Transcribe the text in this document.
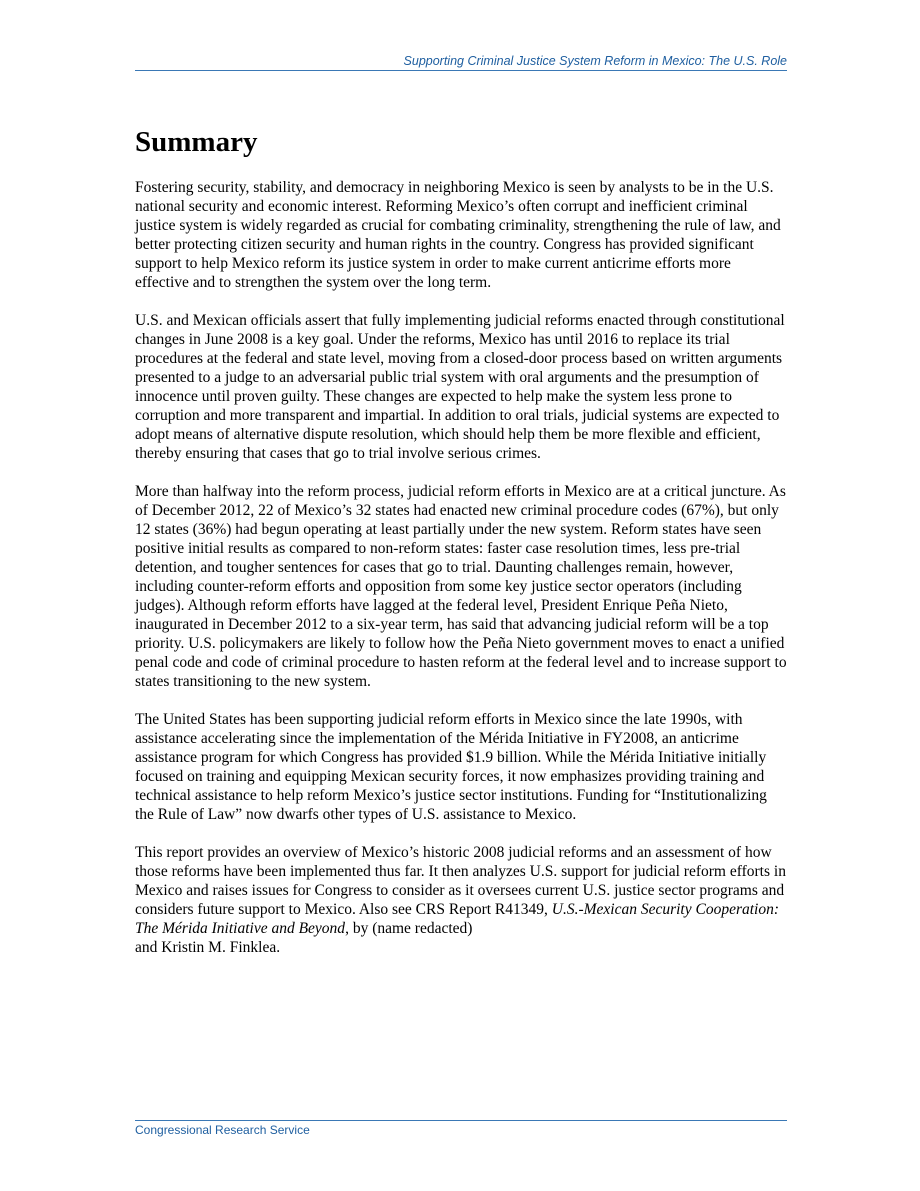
Supporting Criminal Justice System Reform in Mexico: The U.S. Role
Summary

Fostering security, stability, and democracy in neighboring Mexico is seen by analysts to be in the U.S. national security and economic interest. Reforming Mexico’s often corrupt and inefficient criminal justice system is widely regarded as crucial for combating criminality, strengthening the rule of law, and better protecting citizen security and human rights in the country. Congress has provided significant support to help Mexico reform its justice system in order to make current anticrime efforts more effective and to strengthen the system over the long term.

U.S. and Mexican officials assert that fully implementing judicial reforms enacted through constitutional changes in June 2008 is a key goal. Under the reforms, Mexico has until 2016 to replace its trial procedures at the federal and state level, moving from a closed-door process based on written arguments presented to a judge to an adversarial public trial system with oral arguments and the presumption of innocence until proven guilty. These changes are expected to help make the system less prone to corruption and more transparent and impartial. In addition to oral trials, judicial systems are expected to adopt means of alternative dispute resolution, which should help them be more flexible and efficient, thereby ensuring that cases that go to trial involve serious crimes.

More than halfway into the reform process, judicial reform efforts in Mexico are at a critical juncture. As of December 2012, 22 of Mexico’s 32 states had enacted new criminal procedure codes (67%), but only 12 states (36%) had begun operating at least partially under the new system. Reform states have seen positive initial results as compared to non-reform states: faster case resolution times, less pre-trial detention, and tougher sentences for cases that go to trial. Daunting challenges remain, however, including counter-reform efforts and opposition from some key justice sector operators (including judges). Although reform efforts have lagged at the federal level, President Enrique Peña Nieto, inaugurated in December 2012 to a six-year term, has said that advancing judicial reform will be a top priority. U.S. policymakers are likely to follow how the Peña Nieto government moves to enact a unified penal code and code of criminal procedure to hasten reform at the federal level and to increase support to states transitioning to the new system.

The United States has been supporting judicial reform efforts in Mexico since the late 1990s, with assistance accelerating since the implementation of the Mérida Initiative in FY2008, an anticrime assistance program for which Congress has provided $1.9 billion. While the Mérida Initiative initially focused on training and equipping Mexican security forces, it now emphasizes providing training and technical assistance to help reform Mexico’s justice sector institutions. Funding for “Institutionalizing the Rule of Law” now dwarfs other types of U.S. assistance to Mexico.

This report provides an overview of Mexico’s historic 2008 judicial reforms and an assessment of how those reforms have been implemented thus far. It then analyzes U.S. support for judicial reform efforts in Mexico and raises issues for Congress to consider as it oversees current U.S. justice sector programs and considers future support to Mexico. Also see CRS Report R41349, U.S.-Mexican Security Cooperation: The Mérida Initiative and Beyond, by (name redacted)
and Kristin M. Finklea.

Congressional Research Service
